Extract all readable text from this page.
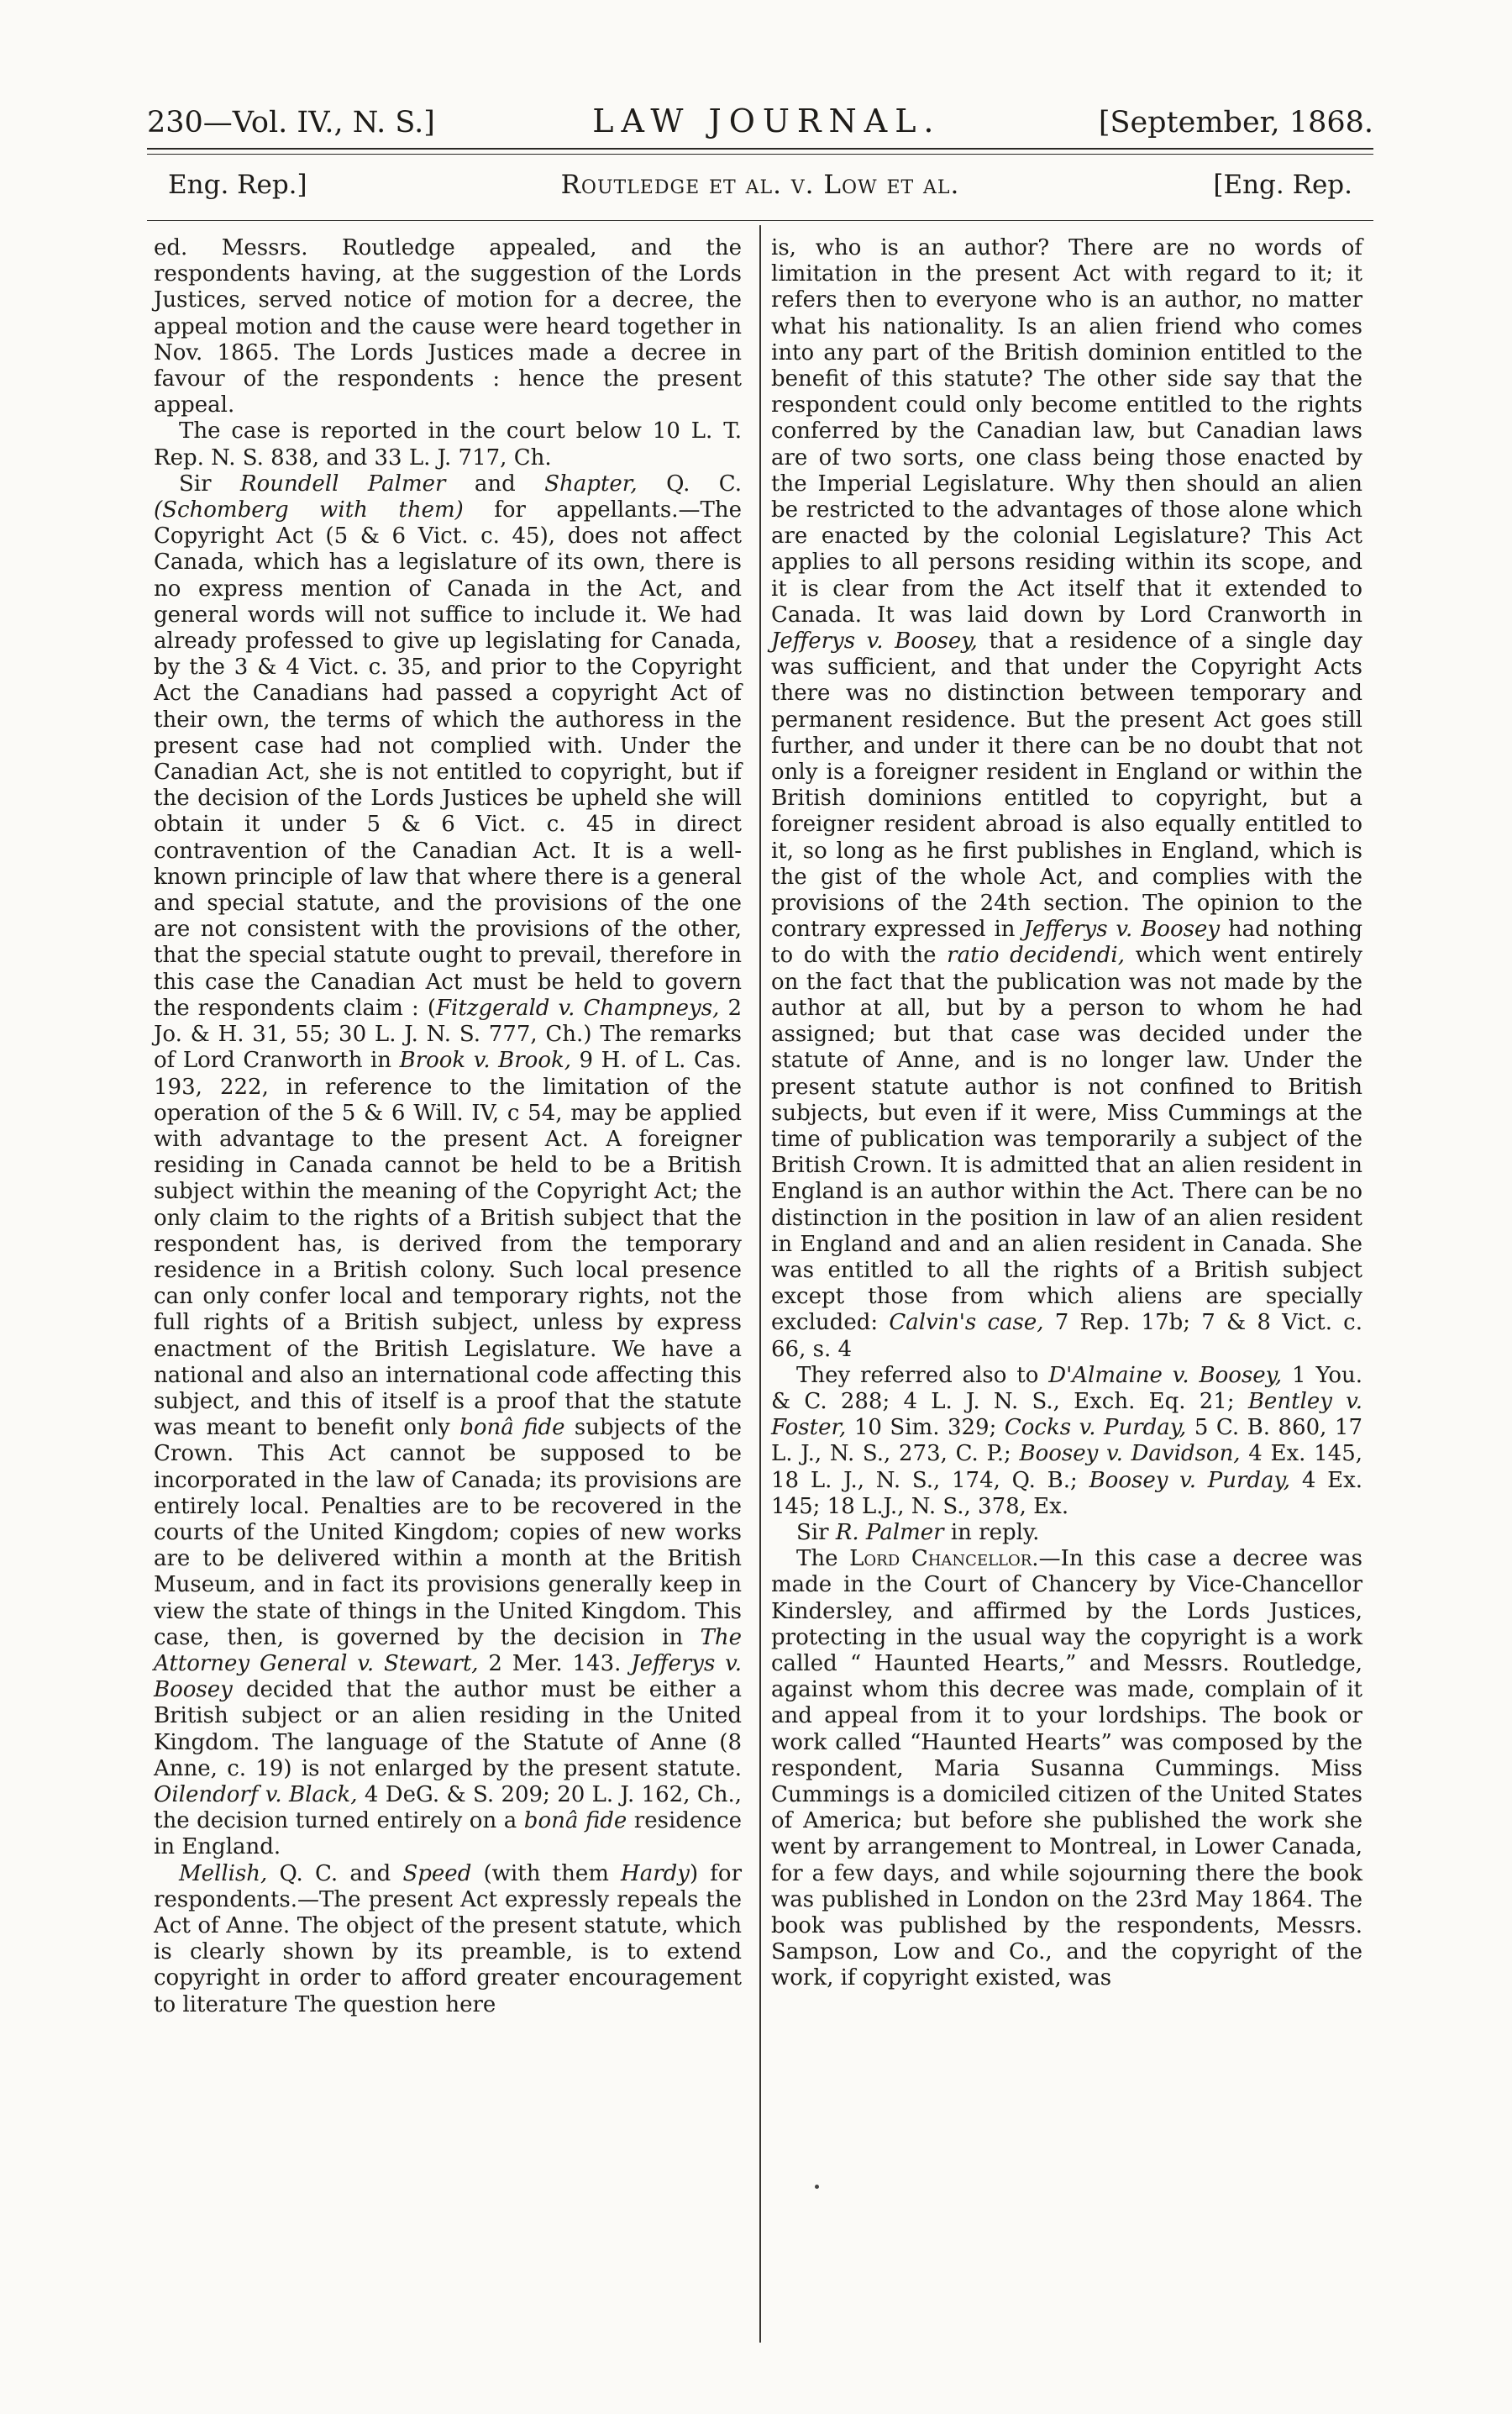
230—Vol. IV., N. S.]	LAW JOURNAL.	[September, 1868.
Eng. Rep.]	Routledge et al. v. Low et al.	[Eng. Rep.

ed. Messrs. Routledge appealed, and the respondents having, at the suggestion of the Lords Justices, served notice of motion for a decree, the appeal motion and the cause were heard together in Nov. 1865. The Lords Justices made a decree in favour of the respondents : hence the present appeal.

The case is reported in the court below 10 L. T. Rep. N. S. 838, and 33 L. J. 717, Ch.

Sir Roundell Palmer and Shapter, Q. C. (Schomberg with them) for appellants.—The Copyright Act (5 & 6 Vict. c. 45), does not affect Canada, which has a legislature of its own, there is no express mention of Canada in the Act, and general words will not suffice to include it. We had already professed to give up legislating for Canada, by the 3 & 4 Vict. c. 35, and prior to the Copyright Act the Canadians had passed a copyright Act of their own, the terms of which the authoress in the present case had not complied with. Under the Canadian Act, she is not entitled to copyright, but if the decision of the Lords Justices be upheld she will obtain it under 5 & 6 Vict. c. 45 in direct contravention of the Canadian Act. It is a well-known principle of law that where there is a general and special statute, and the provisions of the one are not consistent with the provisions of the other, that the special statute ought to prevail, therefore in this case the Canadian Act must be held to govern the respondents claim : (Fitzgerald v. Champneys, 2 Jo. & H. 31, 55; 30 L. J. N. S. 777, Ch.) The remarks of Lord Cranworth in Brook v. Brook, 9 H. of L. Cas. 193, 222, in reference to the limitation of the operation of the 5 & 6 Will. IV, c 54, may be applied with advantage to the present Act. A foreigner residing in Canada cannot be held to be a British subject within the meaning of the Copyright Act; the only claim to the rights of a British subject that the respondent has, is derived from the temporary residence in a British colony. Such local presence can only confer local and temporary rights, not the full rights of a British subject, unless by express enactment of the British Legislature. We have a national and also an international code affecting this subject, and this of itself is a proof that the statute was meant to benefit only bonâ fide subjects of the Crown. This Act cannot be supposed to be incorporated in the law of Canada; its provisions are entirely local. Penalties are to be recovered in the courts of the United Kingdom; copies of new works are to be delivered within a month at the British Museum, and in fact its provisions generally keep in view the state of things in the United Kingdom. This case, then, is governed by the decision in The Attorney General v. Stewart, 2 Mer. 143. Jefferys v. Boosey decided that the author must be either a British subject or an alien residing in the United Kingdom. The language of the Statute of Anne (8 Anne, c. 19) is not enlarged by the present statute. Oilendorf v. Black, 4 DeG. & S. 209; 20 L. J. 162, Ch., the decision turned entirely on a bonâ fide residence in England.

Mellish, Q. C. and Speed (with them Hardy) for respondents.—The present Act expressly repeals the Act of Anne. The object of the present statute, which is clearly shown by its preamble, is to extend copyright in order to afford greater encouragement to literature The question here

is, who is an author? There are no words of limitation in the present Act with regard to it; it refers then to everyone who is an author, no matter what his nationality. Is an alien friend who comes into any part of the British dominion entitled to the benefit of this statute? The other side say that the respondent could only become entitled to the rights conferred by the Canadian law, but Canadian laws are of two sorts, one class being those enacted by the Imperial Legislature. Why then should an alien be restricted to the advantages of those alone which are enacted by the colonial Legislature? This Act applies to all persons residing within its scope, and it is clear from the Act itself that it extended to Canada. It was laid down by Lord Cranworth in Jefferys v. Boosey, that a residence of a single day was sufficient, and that under the Copyright Acts there was no distinction between temporary and permanent residence. But the present Act goes still further, and under it there can be no doubt that not only is a foreigner resident in England or within the British dominions entitled to copyright, but a foreigner resident abroad is also equally entitled to it, so long as he first publishes in England, which is the gist of the whole Act, and complies with the provisions of the 24th section. The opinion to the contrary expressed in Jefferys v. Boosey had nothing to do with the ratio decidendi, which went entirely on the fact that the publication was not made by the author at all, but by a person to whom he had assigned; but that case was decided under the statute of Anne, and is no longer law. Under the present statute author is not confined to British subjects, but even if it were, Miss Cummings at the time of publication was temporarily a subject of the British Crown. It is admitted that an alien resident in England is an author within the Act. There can be no distinction in the position in law of an alien resident in England and and an alien resident in Canada. She was entitled to all the rights of a British subject except those from which aliens are specially excluded: Calvin's case, 7 Rep. 17b; 7 & 8 Vict. c. 66, s. 4

They referred also to D'Almaine v. Boosey, 1 You. & C. 288; 4 L. J. N. S., Exch. Eq. 21; Bentley v. Foster, 10 Sim. 329; Cocks v. Purday, 5 C. B. 860, 17 L. J., N. S., 273, C. P.; Boosey v. Davidson, 4 Ex. 145, 18 L. J., N. S., 174, Q. B.; Boosey v. Purday, 4 Ex. 145; 18 L.J., N. S., 378, Ex.

Sir R. Palmer in reply.

The Lord Chancellor.—In this case a decree was made in the Court of Chancery by Vice-Chancellor Kindersley, and affirmed by the Lords Justices, protecting in the usual way the copyright is a work called “ Haunted Hearts,” and Messrs. Routledge, against whom this decree was made, complain of it and appeal from it to your lordships. The book or work called “Haunted Hearts” was composed by the respondent, Maria Susanna Cummings. Miss Cummings is a domiciled citizen of the United States of America; but before she published the work she went by arrangement to Montreal, in Lower Canada, for a few days, and while sojourning there the book was published in London on the 23rd May 1864. The book was published by the respondents, Messrs. Sampson, Low and Co., and the copyright of the work, if copyright existed, was
